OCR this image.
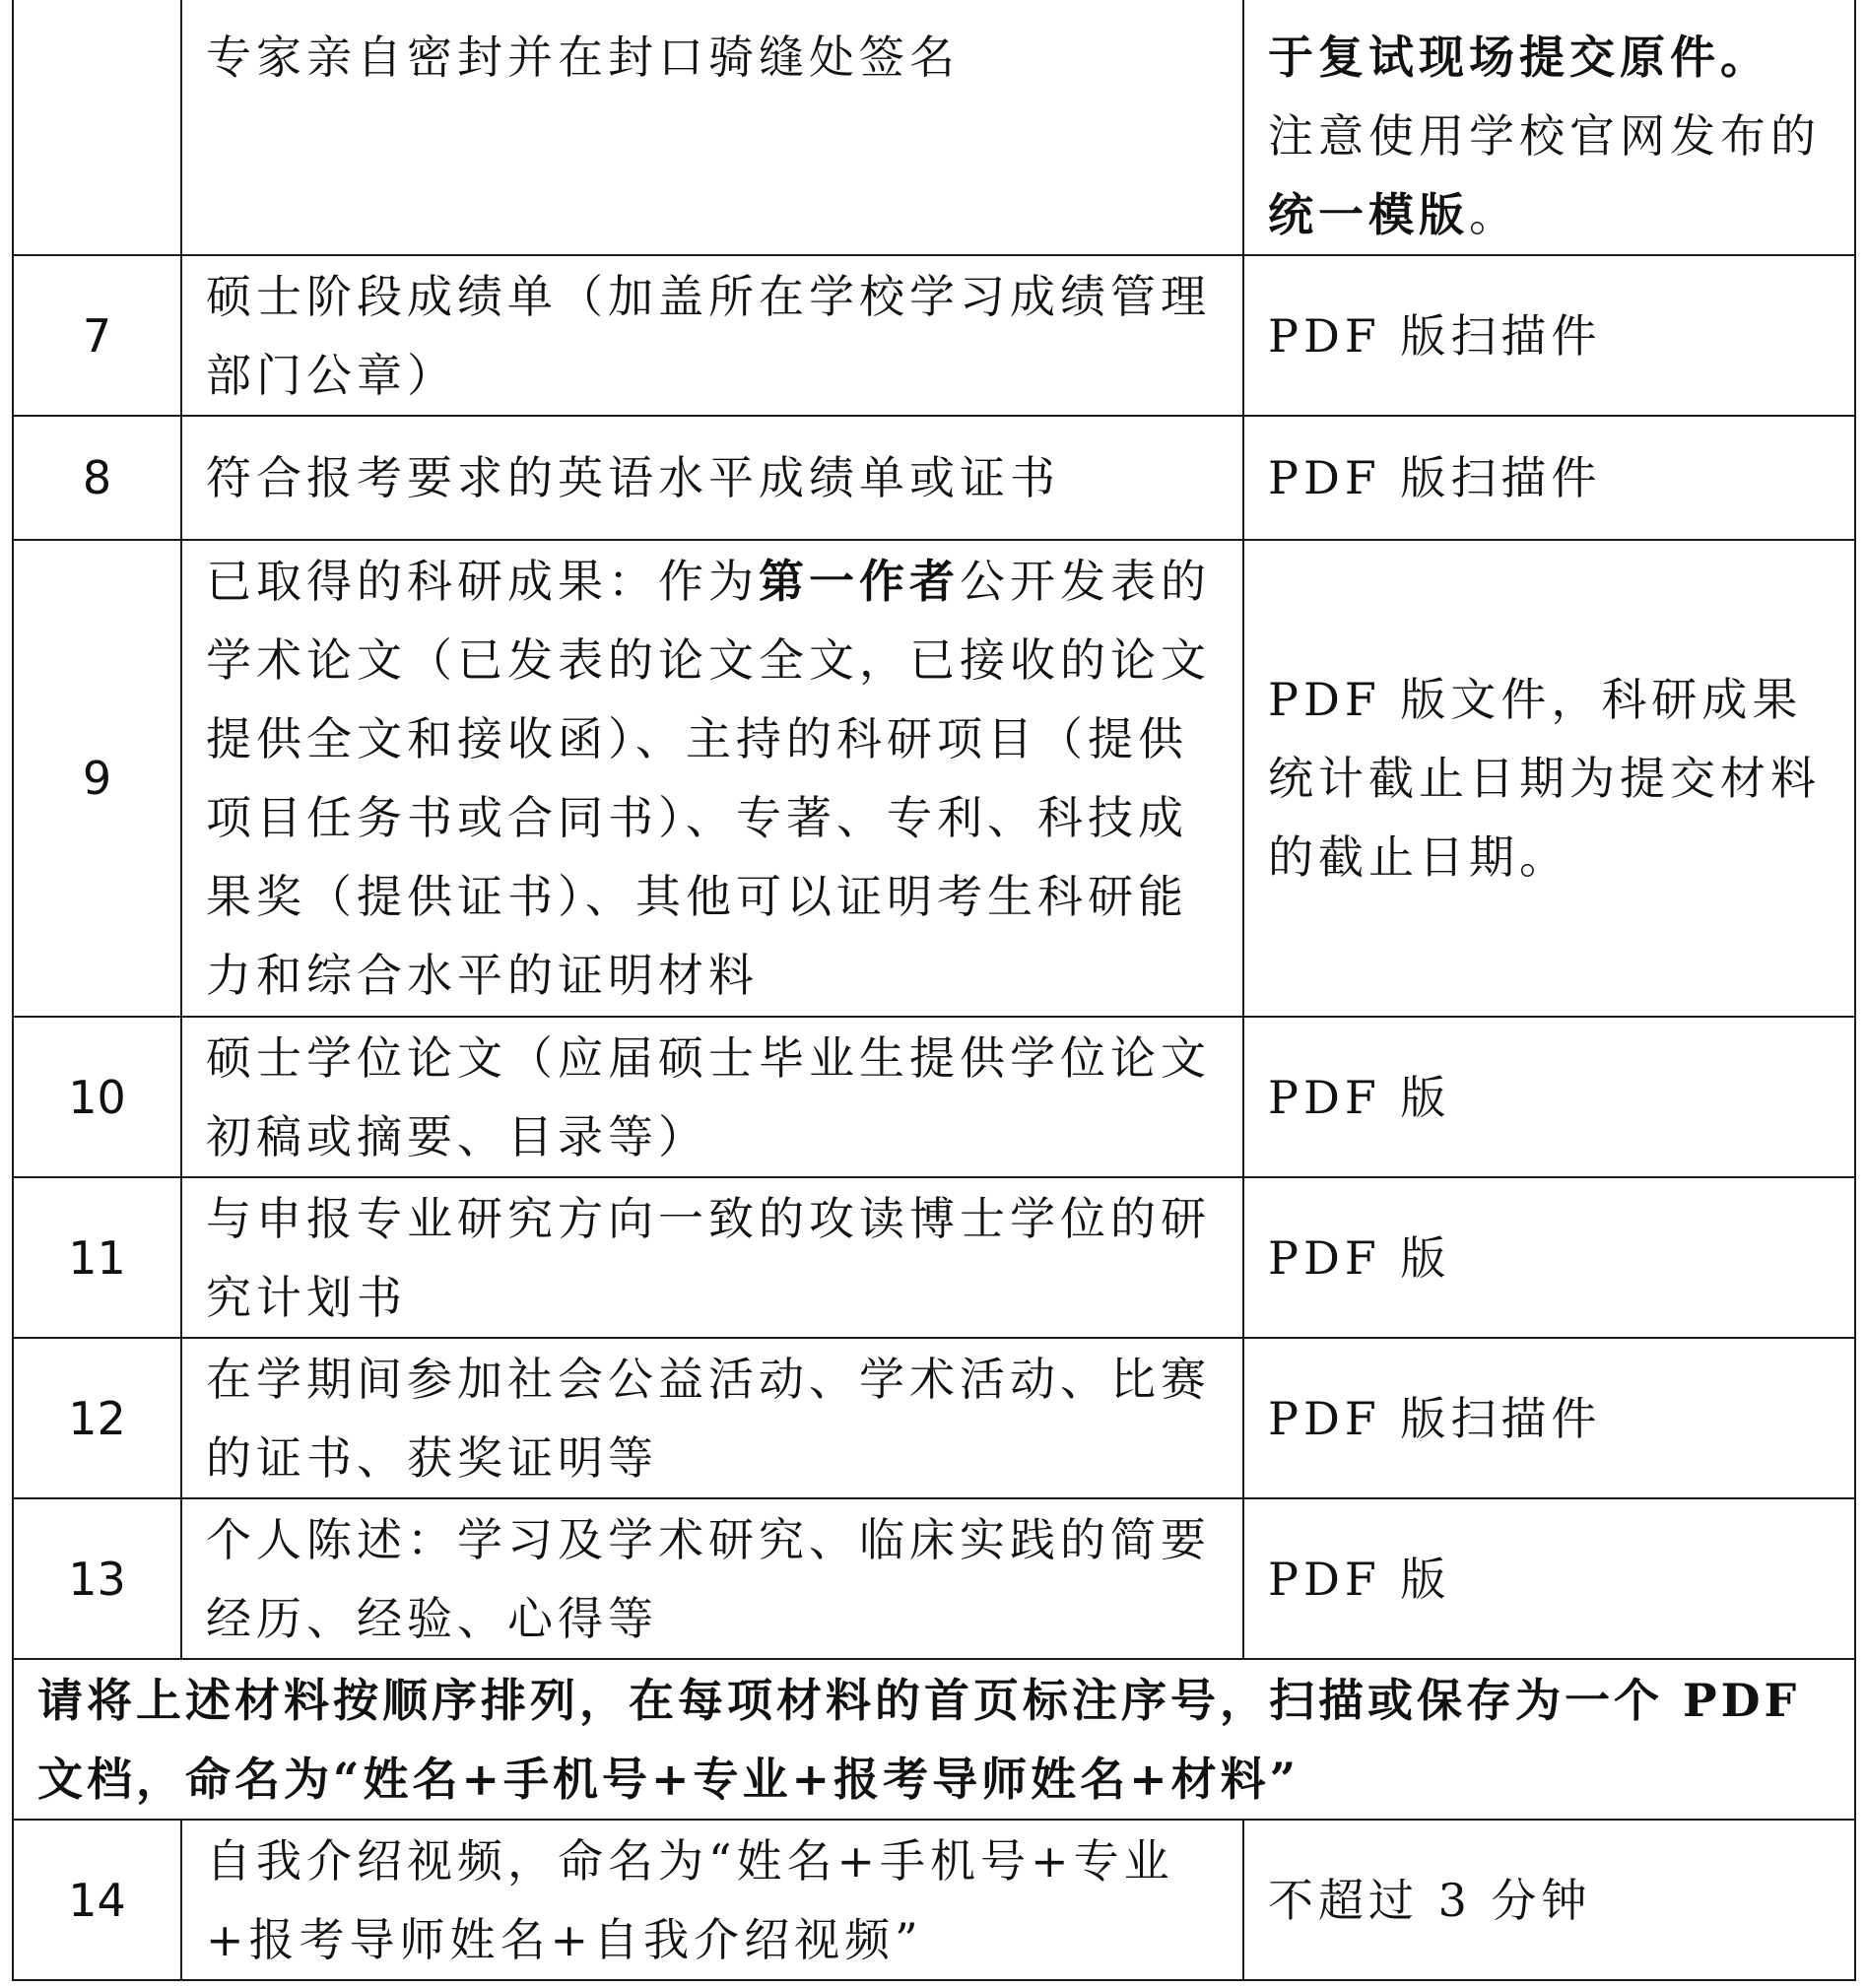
	专家亲自密封并在封口骑缝处签名	于复试现场提交原件。
注意使用学校官网发布的统一模版。
7	硕士阶段成绩单（加盖所在学校学习成绩管理部门公章）	PDF 版扫描件
8	符合报考要求的英语水平成绩单或证书	PDF 版扫描件
9	已取得的科研成果：作为第一作者公开发表的学术论文（已发表的论文全文，已接收的论文提供全文和接收函）、主持的科研项目（提供项目任务书或合同书）、专著、专利、科技成果奖（提供证书）、其他可以证明考生科研能力和综合水平的证明材料	PDF 版文件，科研成果统计截止日期为提交材料的截止日期。
10	硕士学位论文（应届硕士毕业生提供学位论文初稿或摘要、目录等）	PDF 版
11	与申报专业研究方向一致的攻读博士学位的研究计划书	PDF 版
12	在学期间参加社会公益活动、学术活动、比赛的证书、获奖证明等	PDF 版扫描件
13	个人陈述：学习及学术研究、临床实践的简要经历、经验、心得等	PDF 版
请将上述材料按顺序排列，在每项材料的首页标注序号，扫描或保存为一个 PDF 文档，命名为“姓名+手机号+专业+报考导师姓名+材料”		
14	自我介绍视频，命名为“姓名+手机号+专业+报考导师姓名+自我介绍视频”	不超过 3 分钟
